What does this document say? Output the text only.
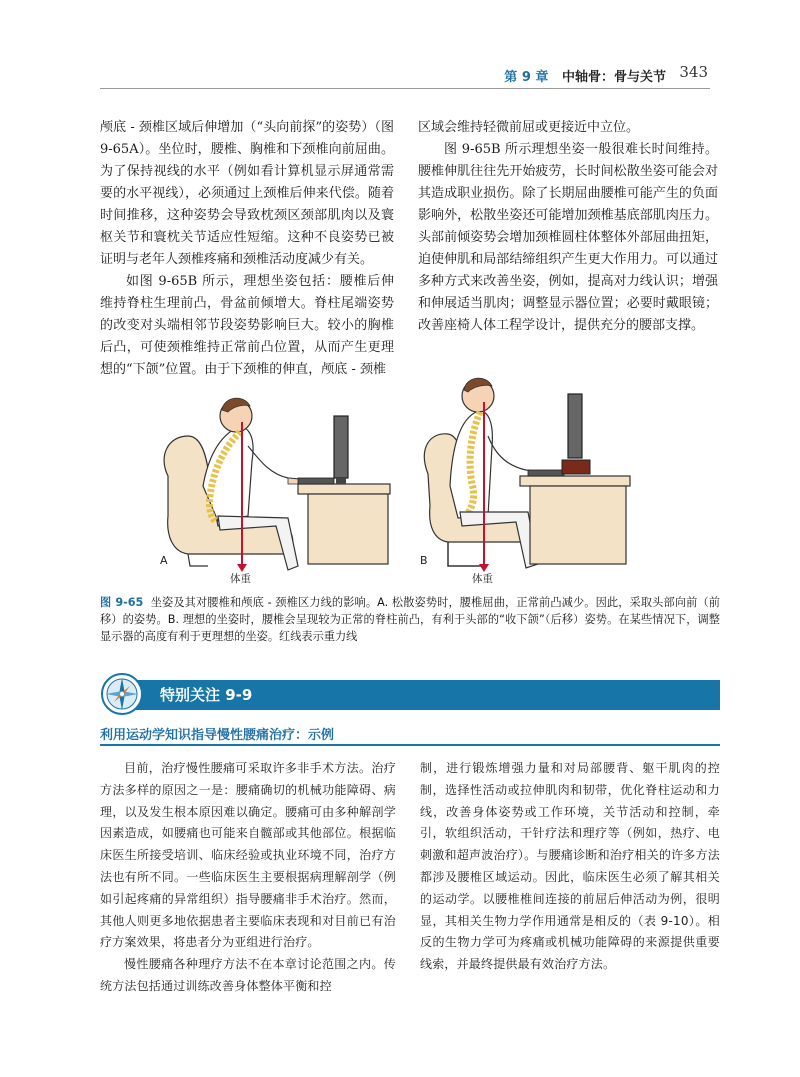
第 9 章 中轴骨：骨与关节 343

颅底 - 颈椎区域后伸增加（“头向前探”的姿势）（图 9-65A）。坐位时，腰椎、胸椎和下颈椎向前屈曲。为了保持视线的水平（例如看计算机显示屏通常需要的水平视线），必须通过上颈椎后伸来代偿。随着时间推移，这种姿势会导致枕颈区颈部肌肉以及寰枢关节和寰枕关节适应性短缩。这种不良姿势已被证明与老年人颈椎疼痛和颈椎活动度减少有关。

如图 9-65B 所示，理想坐姿包括：腰椎后伸维持脊柱生理前凸，骨盆前倾增大。脊柱尾端姿势的改变对头端相邻节段姿势影响巨大。较小的胸椎后凸，可使颈椎维持正常前凸位置，从而产生更理想的“下颌”位置。由于下颈椎的伸直，颅底 - 颈椎

区域会维持轻微前屈或更接近中立位。

图 9-65B 所示理想坐姿一般很难长时间维持。腰椎伸肌往往先开始疲劳，长时间松散坐姿可能会对其造成职业损伤。除了长期屈曲腰椎可能产生的负面影响外，松散坐姿还可能增加颈椎基底部肌肉压力。头部前倾姿势会增加颈椎圆柱体整体外部屈曲扭矩，迫使伸肌和局部结缔组织产生更大作用力。可以通过多种方式来改善坐姿，例如，提高对力线认识；增强和伸展适当肌肉；调整显示器位置；必要时戴眼镜；改善座椅人体工程学设计，提供充分的腰部支撑。

A
体重
B
体重
图 9-65 坐姿及其对腰椎和颅底 - 颈椎区力线的影响。A. 松散姿势时，腰椎屈曲，正常前凸减少。因此，采取头部向前（前移）的姿势。B. 理想的坐姿时，腰椎会呈现较为正常的脊柱前凸，有利于头部的“收下颌”（后移）姿势。在某些情况下，调整显示器的高度有利于更理想的坐姿。红线表示重力线
特别关注 9-9
利用运动学知识指导慢性腰痛治疗：示例

目前，治疗慢性腰痛可采取许多非手术方法。治疗方法多样的原因之一是：腰痛确切的机械功能障碍、病理，以及发生根本原因难以确定。腰痛可由多种解剖学因素造成，如腰痛也可能来自髋部或其他部位。根据临床医生所接受培训、临床经验或执业环境不同，治疗方法也有所不同。一些临床医生主要根据病理解剖学（例如引起疼痛的异常组织）指导腰痛非手术治疗。然而，其他人则更多地依据患者主要临床表现和对目前已有治疗方案效果，将患者分为亚组进行治疗。

慢性腰痛各种理疗方法不在本章讨论范围之内。传统方法包括通过训练改善身体整体平衡和控

制，进行锻炼增强力量和对局部腰背、躯干肌肉的控制，选择性活动或拉伸肌肉和韧带，优化脊柱运动和力线，改善身体姿势或工作环境，关节活动和控制，牵引，软组织活动，干针疗法和理疗等（例如，热疗、电刺激和超声波治疗）。与腰痛诊断和治疗相关的许多方法都涉及腰椎区域运动。因此，临床医生必须了解其相关的运动学。以腰椎椎间连接的前屈后伸活动为例，很明显，其相关生物力学作用通常是相反的（表 9-10）。相反的生物力学可为疼痛或机械功能障碍的来源提供重要线索，并最终提供最有效治疗方法。
